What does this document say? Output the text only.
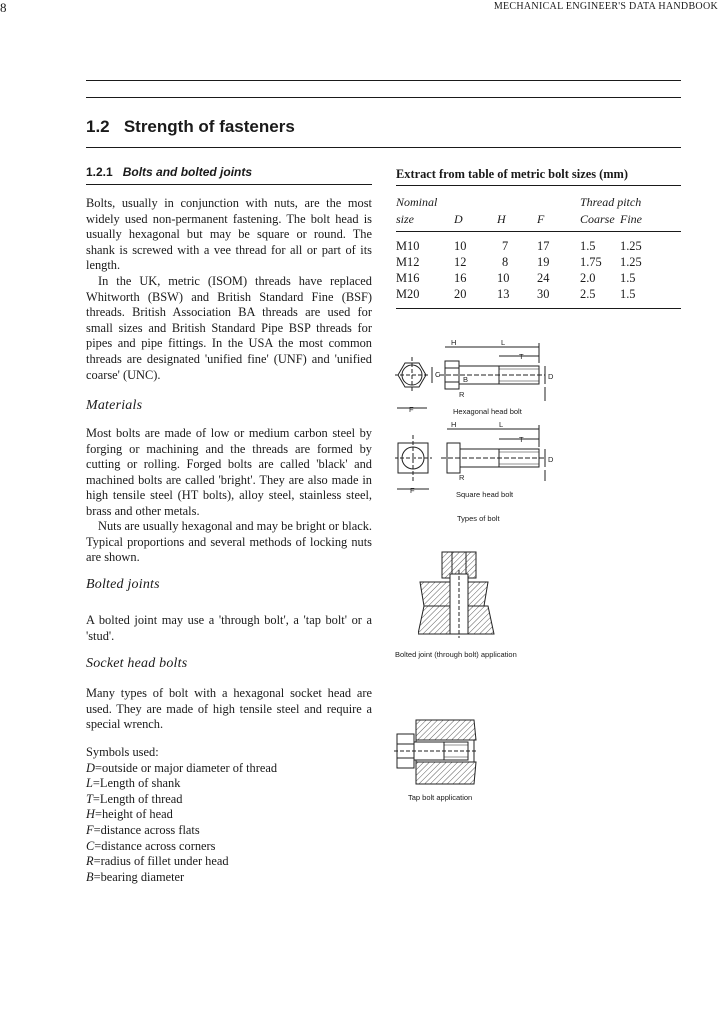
8	MECHANICAL ENGINEER'S DATA HANDBOOK
1.2 Strength of fasteners
1.2.1 Bolts and bolted joints

Bolts, usually in conjunction with nuts, are the most widely used non-permanent fastening. The bolt head is usually hexagonal but may be square or round. The shank is screwed with a vee thread for all or part of its length.

In the UK, metric (ISOM) threads have replaced Whitworth (BSW) and British Standard Fine (BSF) threads. British Association BA threads are used for small sizes and British Standard Pipe BSP threads for pipes and pipe fittings. In the USA the most common threads are designated 'unified fine' (UNF) and 'unified coarse' (UNC).

Materials

Most bolts are made of low or medium carbon steel by forging or machining and the threads are formed by cutting or rolling. Forged bolts are called 'black' and machined bolts are called 'bright'. They are also made in high tensile steel (HT bolts), alloy steel, stainless steel, brass and other metals.

Nuts are usually hexagonal and may be bright or black. Typical proportions and several methods of locking nuts are shown.

Bolted joints

A bolted joint may use a 'through bolt', a 'tap bolt' or a 'stud'.

Socket head bolts

Many types of bolt with a hexagonal socket head are used. They are made of high tensile steel and require a special wrench.

Symbols used:
D=outside or major diameter of thread
L=Length of shank
T=Length of thread
H=height of head
F=distance across flats
C=distance across corners
R=radius of fillet under head
B=bearing diameter
Extract from table of metric bolt sizes (mm)
Nominal
size	D	H	F
Thread pitch
Coarse Fine
M10	10	7 17 1.5 1.25
M12	12	8 19 1.75 1.25
M16	16 10 24 2.0 1.5
M20	20 13 30 2.5 1.5
H	L
T
C
B	D
R
F
H	L
T
D
R
F
Hexagonal head bolt
Square head bolt
Types of bolt
Bolted joint (through bolt) application
Tap bolt application
